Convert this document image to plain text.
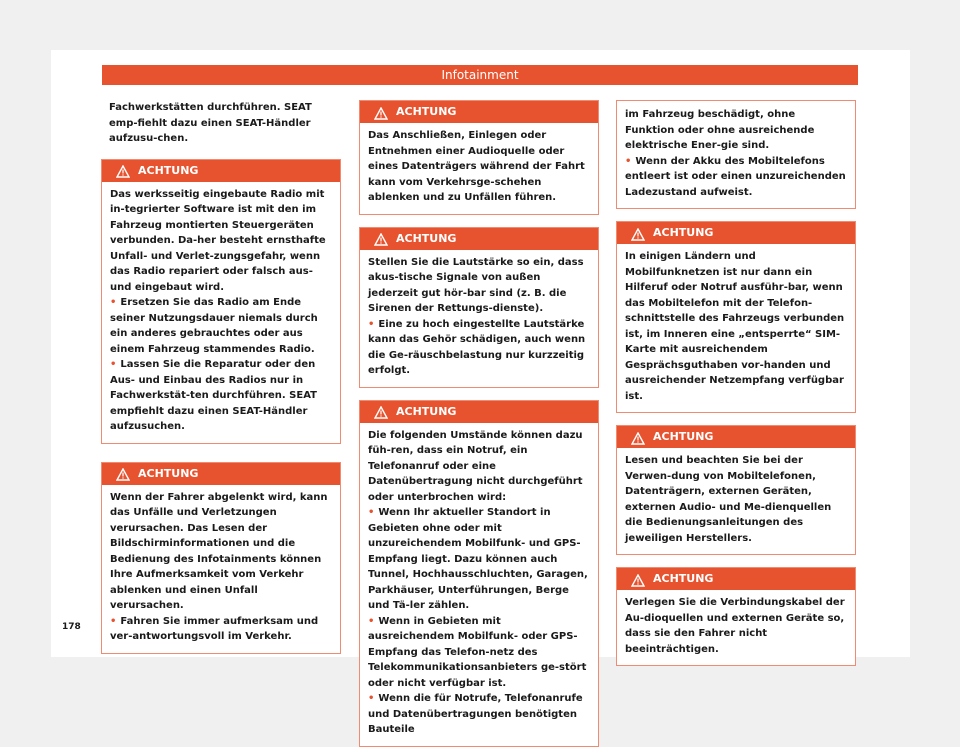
Infotainment
Fachwerkstätten durchführen. SEAT emp-fiehlt dazu einen SEAT-Händler aufzusu-chen.
ACHTUNG

Das werksseitig eingebaute Radio mit in-tegrierter Software ist mit den im Fahrzeug montierten Steuergeräten verbunden. Da-her besteht ernsthafte Unfall- und Verlet-zungsgefahr, wenn das Radio repariert oder falsch aus- und eingebaut wird.

• Ersetzen Sie das Radio am Ende seiner Nutzungsdauer niemals durch ein anderes gebrauchtes oder aus einem Fahrzeug stammendes Radio.

• Lassen Sie die Reparatur oder den Aus- und Einbau des Radios nur in Fachwerkstät-ten durchführen. SEAT empfiehlt dazu einen SEAT-Händler aufzusuchen.

ACHTUNG

Wenn der Fahrer abgelenkt wird, kann das Unfälle und Verletzungen verursachen. Das Lesen der Bildschirminformationen und die Bedienung des Infotainments können Ihre Aufmerksamkeit vom Verkehr ablenken und einen Unfall verursachen.

• Fahren Sie immer aufmerksam und ver-antwortungsvoll im Verkehr.

ACHTUNG

Das Anschließen, Einlegen oder Entnehmen einer Audioquelle oder eines Datenträgers während der Fahrt kann vom Verkehrsge-schehen ablenken und zu Unfällen führen.

ACHTUNG

Stellen Sie die Lautstärke so ein, dass akus-tische Signale von außen jederzeit gut hör-bar sind (z. B. die Sirenen der Rettungs-dienste).

• Eine zu hoch eingestellte Lautstärke kann das Gehör schädigen, auch wenn die Ge-räuschbelastung nur kurzzeitig erfolgt.

ACHTUNG

Die folgenden Umstände können dazu füh-ren, dass ein Notruf, ein Telefonanruf oder eine Datenübertragung nicht durchgeführt oder unterbrochen wird:

• Wenn Ihr aktueller Standort in Gebieten ohne oder mit unzureichendem Mobilfunk- und GPS-Empfang liegt. Dazu können auch Tunnel, Hochhausschluchten, Garagen, Parkhäuser, Unterführungen, Berge und Tä-ler zählen.

• Wenn in Gebieten mit ausreichendem Mobilfunk- oder GPS-Empfang das Telefon-netz des Telekommunikationsanbieters ge-stört oder nicht verfügbar ist.

• Wenn die für Notrufe, Telefonanrufe und Datenübertragungen benötigten Bauteile

im Fahrzeug beschädigt, ohne Funktion oder ohne ausreichende elektrische Ener-gie sind.

• Wenn der Akku des Mobiltelefons entleert ist oder einen unzureichenden Ladezustand aufweist.

ACHTUNG

In einigen Ländern und Mobilfunknetzen ist nur dann ein Hilferuf oder Notruf ausführ-bar, wenn das Mobiltelefon mit der Telefon-schnittstelle des Fahrzeugs verbunden ist, im Inneren eine „entsperrte“ SIM-Karte mit ausreichendem Gesprächsguthaben vor-handen und ausreichender Netzempfang verfügbar ist.

ACHTUNG

Lesen und beachten Sie bei der Verwen-dung von Mobiltelefonen, Datenträgern, externen Geräten, externen Audio- und Me-dienquellen die Bedienungsanleitungen des jeweiligen Herstellers.

ACHTUNG

Verlegen Sie die Verbindungskabel der Au-dioquellen und externen Geräte so, dass sie den Fahrer nicht beeinträchtigen.

178
